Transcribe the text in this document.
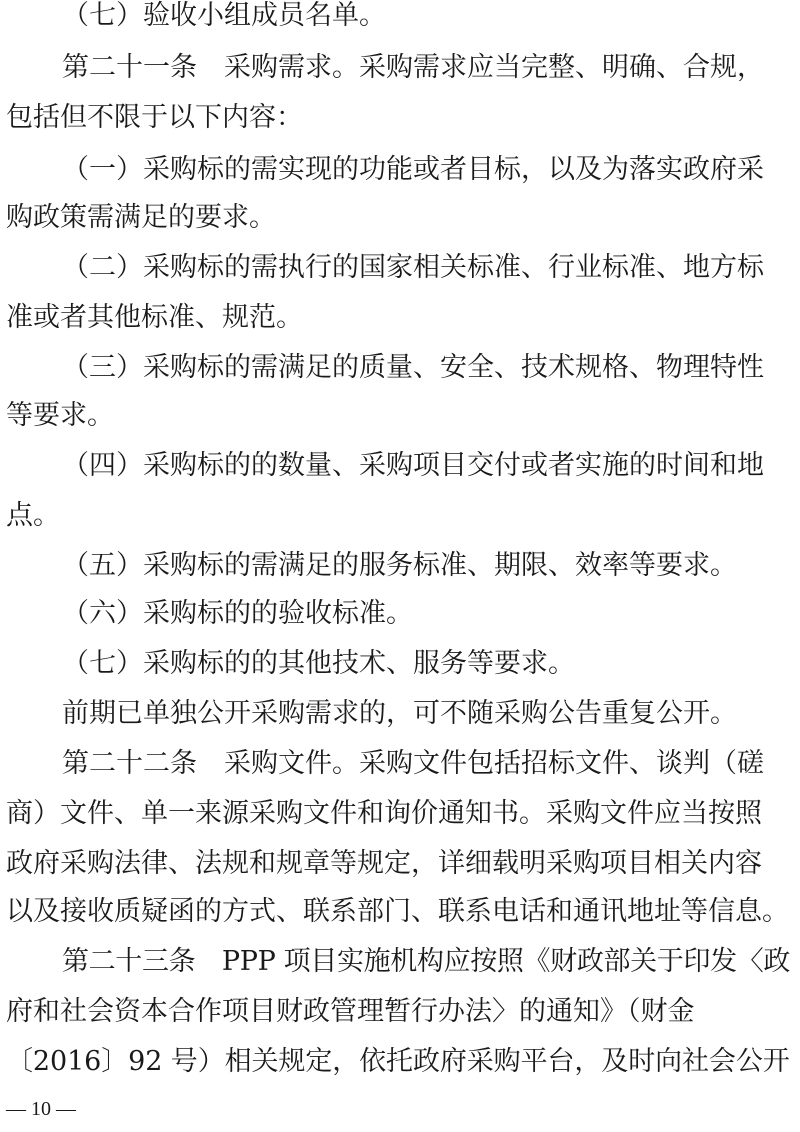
（七）验收小组成员名单。
第二十一条　采购需求。采购需求应当完整、明确、合规，
包括但不限于以下内容：
（一）采购标的需实现的功能或者目标，以及为落实政府采
购政策需满足的要求。
（二）采购标的需执行的国家相关标准、行业标准、地方标
准或者其他标准、规范。
（三）采购标的需满足的质量、安全、技术规格、物理特性
等要求。
（四）采购标的的数量、采购项目交付或者实施的时间和地
点。
（五）采购标的需满足的服务标准、期限、效率等要求。
（六）采购标的的验收标准。
（七）采购标的的其他技术、服务等要求。
前期已单独公开采购需求的，可不随采购公告重复公开。
第二十二条　采购文件。采购文件包括招标文件、谈判（磋
商）文件、单一来源采购文件和询价通知书。采购文件应当按照
政府采购法律、法规和规章等规定，详细载明采购项目相关内容
以及接收质疑函的方式、联系部门、联系电话和通讯地址等信息。
第二十三条　PPP 项目实施机构应按照《财政部关于印发〈政
府和社会资本合作项目财政管理暂行办法〉的通知》（财金
〔2016〕92 号）相关规定，依托政府采购平台，及时向社会公开
— 10 —
